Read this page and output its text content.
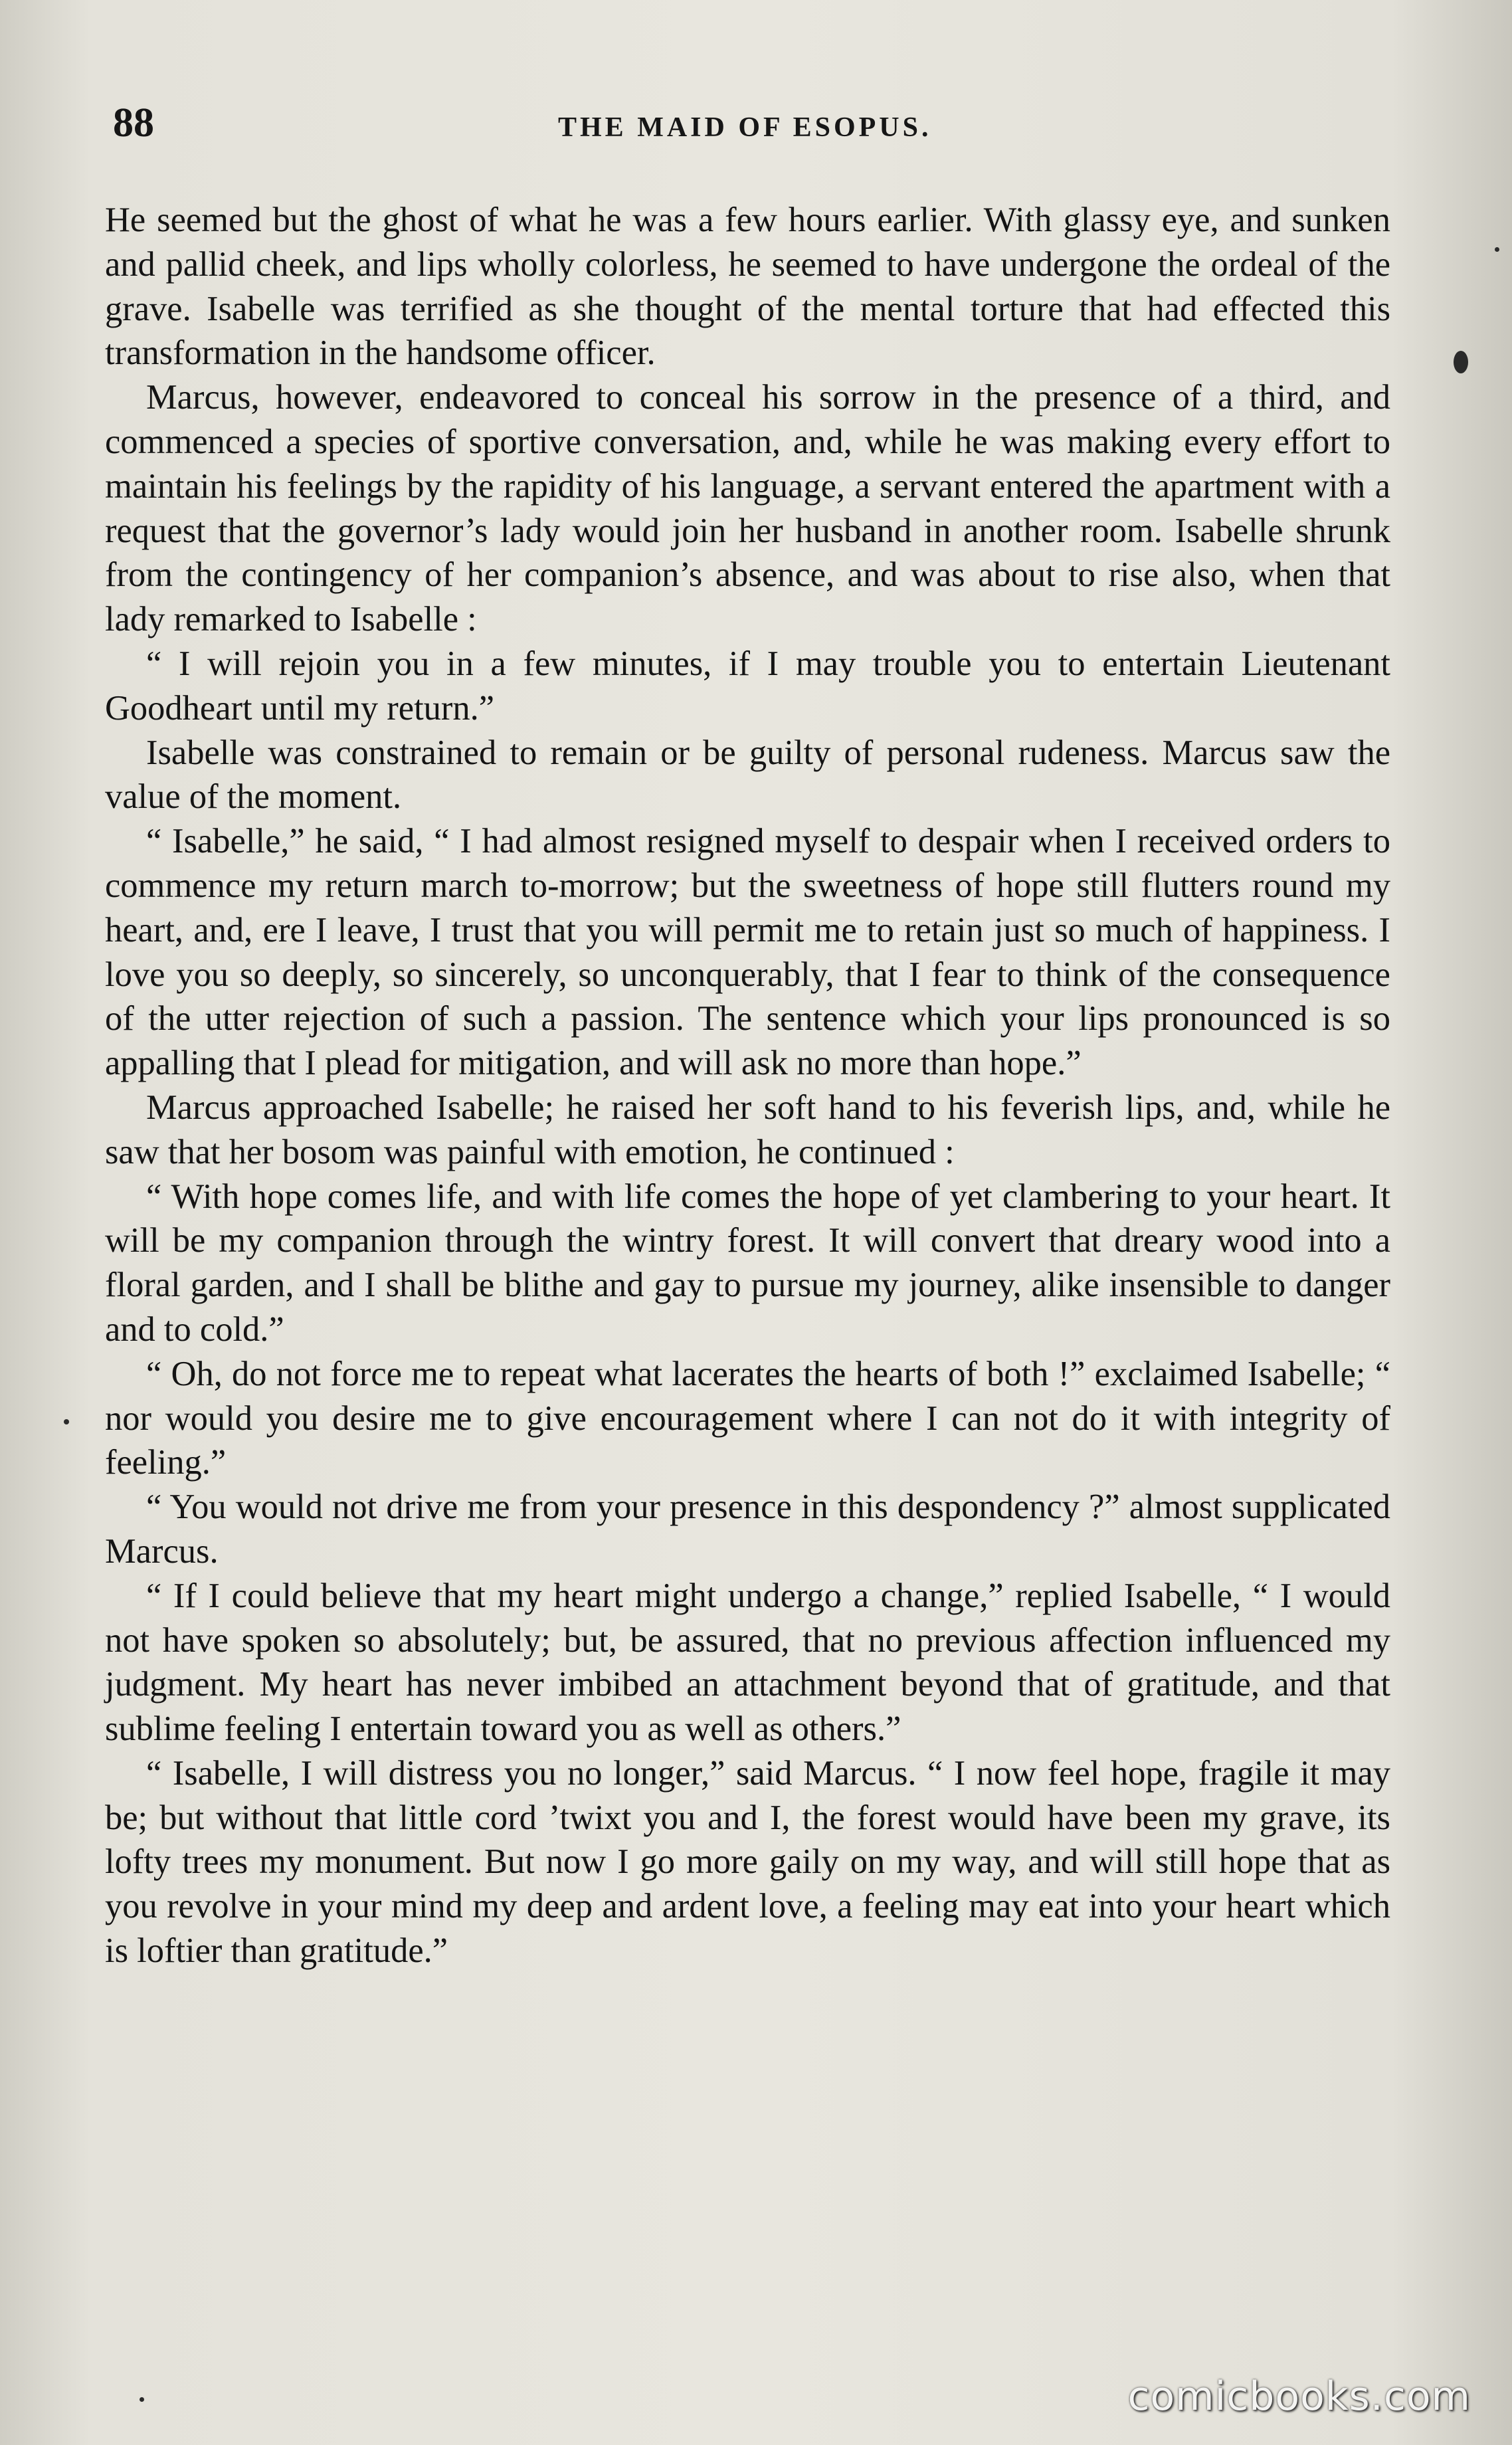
88	THE MAID OF ESOPUS.

He seemed but the ghost of what he was a few hours earlier. With glassy eye, and sunken and pallid cheek, and lips wholly colorless, he seemed to have undergone the ordeal of the grave. Isabelle was terrified as she thought of the mental torture that had effected this transformation in the handsome officer.

Marcus, however, endeavored to conceal his sorrow in the presence of a third, and commenced a species of sportive conversation, and, while he was making every effort to maintain his feelings by the rapidity of his language, a servant entered the apartment with a request that the governor’s lady would join her husband in another room. Isabelle shrunk from the contingency of her companion’s absence, and was about to rise also, when that lady remarked to Isabelle :

“ I will rejoin you in a few minutes, if I may trouble you to entertain Lieutenant Goodheart until my return.”

Isabelle was constrained to remain or be guilty of personal rudeness. Marcus saw the value of the moment.

“ Isabelle,” he said, “ I had almost resigned myself to despair when I received orders to commence my return march to-morrow; but the sweetness of hope still flutters round my heart, and, ere I leave, I trust that you will permit me to retain just so much of happiness. I love you so deeply, so sincerely, so unconquerably, that I fear to think of the consequence of the utter rejection of such a passion. The sentence which your lips pronounced is so appalling that I plead for mitigation, and will ask no more than hope.”

Marcus approached Isabelle; he raised her soft hand to his feverish lips, and, while he saw that her bosom was painful with emotion, he continued :

“ With hope comes life, and with life comes the hope of yet clambering to your heart. It will be my companion through the wintry forest. It will convert that dreary wood into a floral garden, and I shall be blithe and gay to pursue my journey, alike insensible to danger and to cold.”

“ Oh, do not force me to repeat what lacerates the hearts of both !” exclaimed Isabelle; “ nor would you desire me to give encouragement where I can not do it with integrity of feeling.”

“ You would not drive me from your presence in this despondency ?” almost supplicated Marcus.

“ If I could believe that my heart might undergo a change,” replied Isabelle, “ I would not have spoken so absolutely; but, be assured, that no previous affection influenced my judgment. My heart has never imbibed an attachment beyond that of gratitude, and that sublime feeling I entertain toward you as well as others.”

“ Isabelle, I will distress you no longer,” said Marcus. “ I now feel hope, fragile it may be; but without that little cord ’twixt you and I, the forest would have been my grave, its lofty trees my monument. But now I go more gaily on my way, and will still hope that as you revolve in your mind my deep and ardent love, a feeling may eat into your heart which is loftier than gratitude.”

comicbooks.com
